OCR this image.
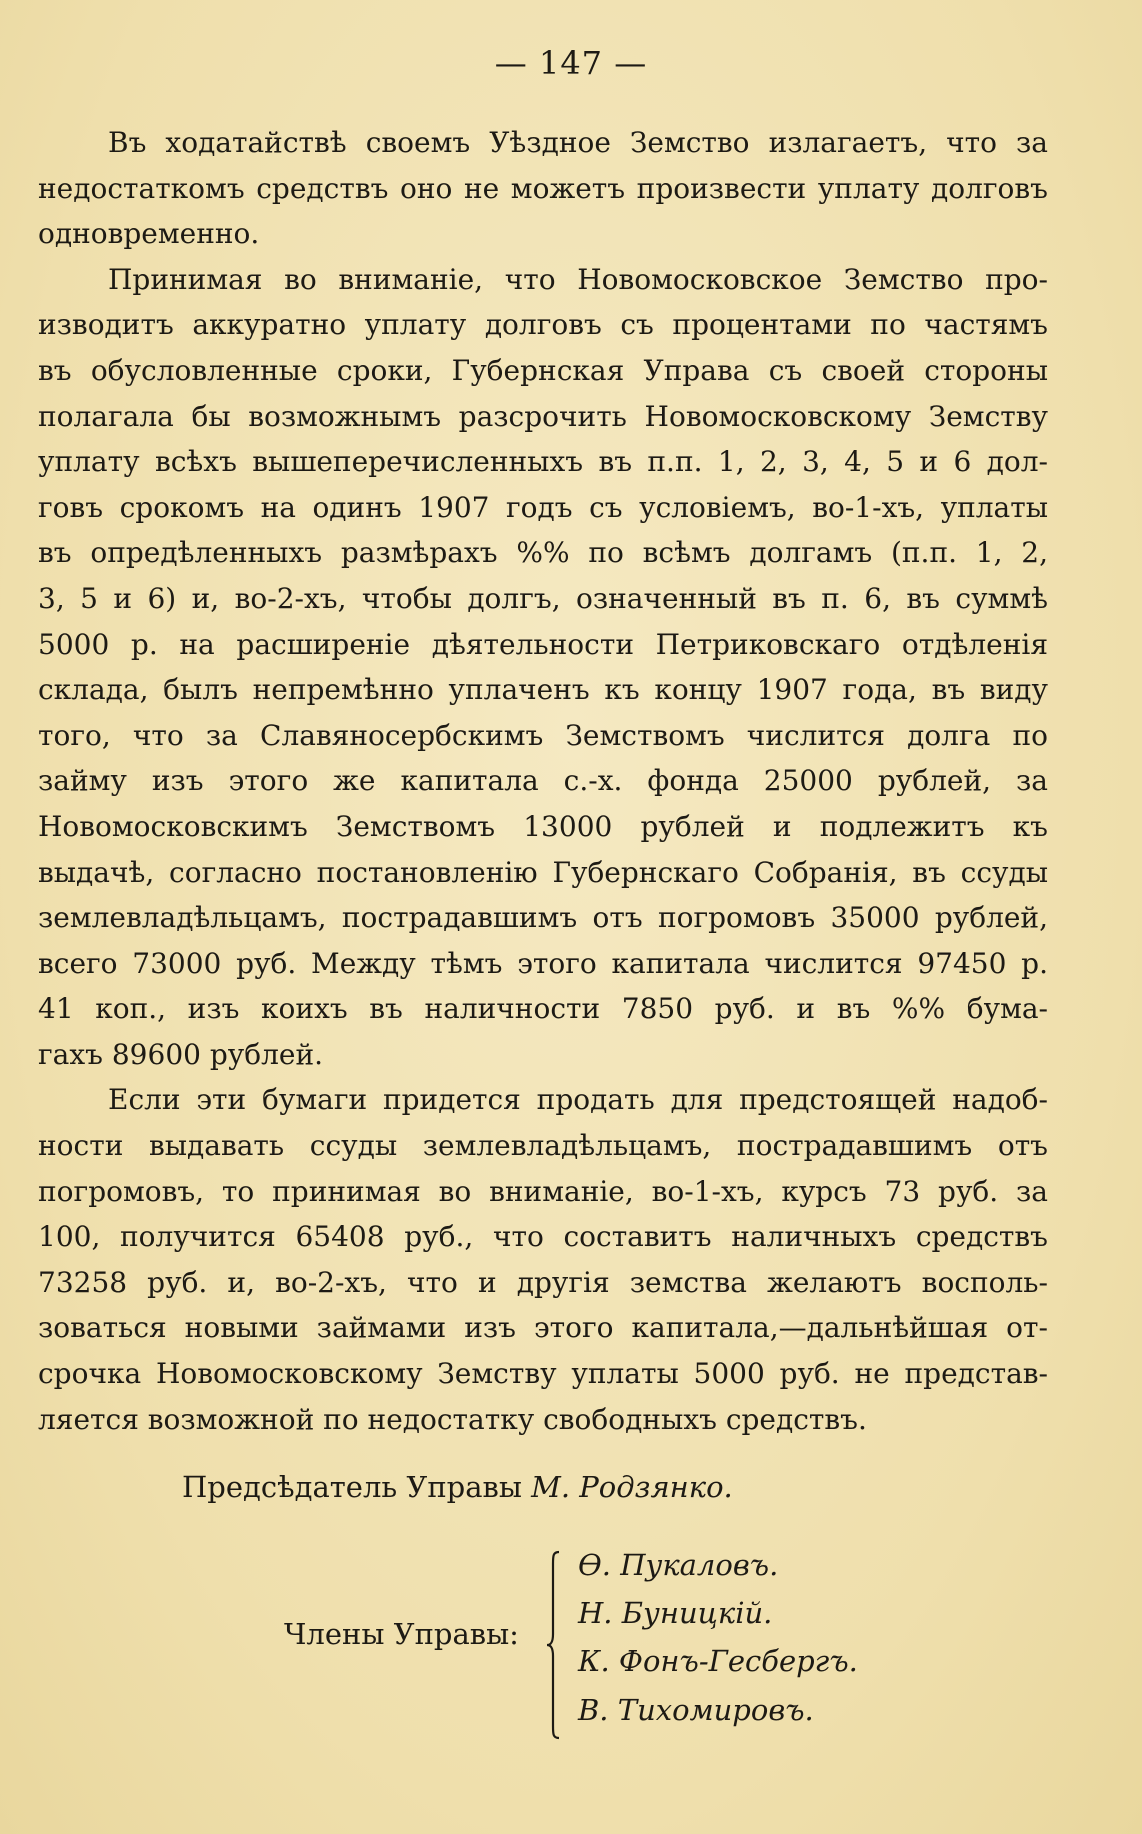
— 147 —
Въ ходатайствѣ своемъ Уѣздное Земство излагаетъ, что за
недостаткомъ средствъ оно не можетъ произвести уплату долговъ
одновременно.
Принимая во вниманіе, что Новомосковское Земство про-
изводитъ аккуратно уплату долговъ съ процентами по частямъ
въ обусловленные сроки, Губернская Управа съ своей стороны
полагала бы возможнымъ разсрочить Новомосковскому Земству
уплату всѣхъ вышеперечисленныхъ въ п.п. 1, 2, 3, 4, 5 и 6 дол-
говъ срокомъ на одинъ 1907 годъ съ условіемъ, во-1-хъ, уплаты
въ опредѣленныхъ размѣрахъ %% по всѣмъ долгамъ (п.п. 1, 2,
3, 5 и 6) и, во-2-хъ, чтобы долгъ, означенный въ п. 6, въ суммѣ
5000 р. на расширеніе дѣятельности Петриковскаго отдѣленія
склада, былъ непремѣнно уплаченъ къ концу 1907 года, въ виду
того, что за Славяносербскимъ Земствомъ числится долга по
займу изъ этого же капитала с.-х. фонда 25000 рублей, за
Новомосковскимъ Земствомъ 13000 рублей и подлежитъ къ
выдачѣ, согласно постановленію Губернскаго Собранія, въ ссуды
землевладѣльцамъ, пострадавшимъ отъ погромовъ 35000 рублей,
всего 73000 руб. Между тѣмъ этого капитала числится 97450 р.
41 коп., изъ коихъ въ наличности 7850 руб. и въ %% бума-
гахъ 89600 рублей.
Если эти бумаги придется продать для предстоящей надоб-
ности выдавать ссуды землевладѣльцамъ, пострадавшимъ отъ
погромовъ, то принимая во вниманіе, во-1-хъ, курсъ 73 руб. за
100, получится 65408 руб., что составитъ наличныхъ средствъ
73258 руб. и, во-2-хъ, что и другія земства желаютъ восполь-
зоваться новыми займами изъ этого капитала,—дальнѣйшая от-
срочка Новомосковскому Земству уплаты 5000 руб. не представ-
ляется возможной по недостатку свободныхъ средствъ.
Предсѣдатель Управы М. Родзянко.
Члены Управы:
Ѳ. Пукаловъ.
Н. Буницкій.
К. Фонъ-Гесбергъ.
В. Тихомировъ.
